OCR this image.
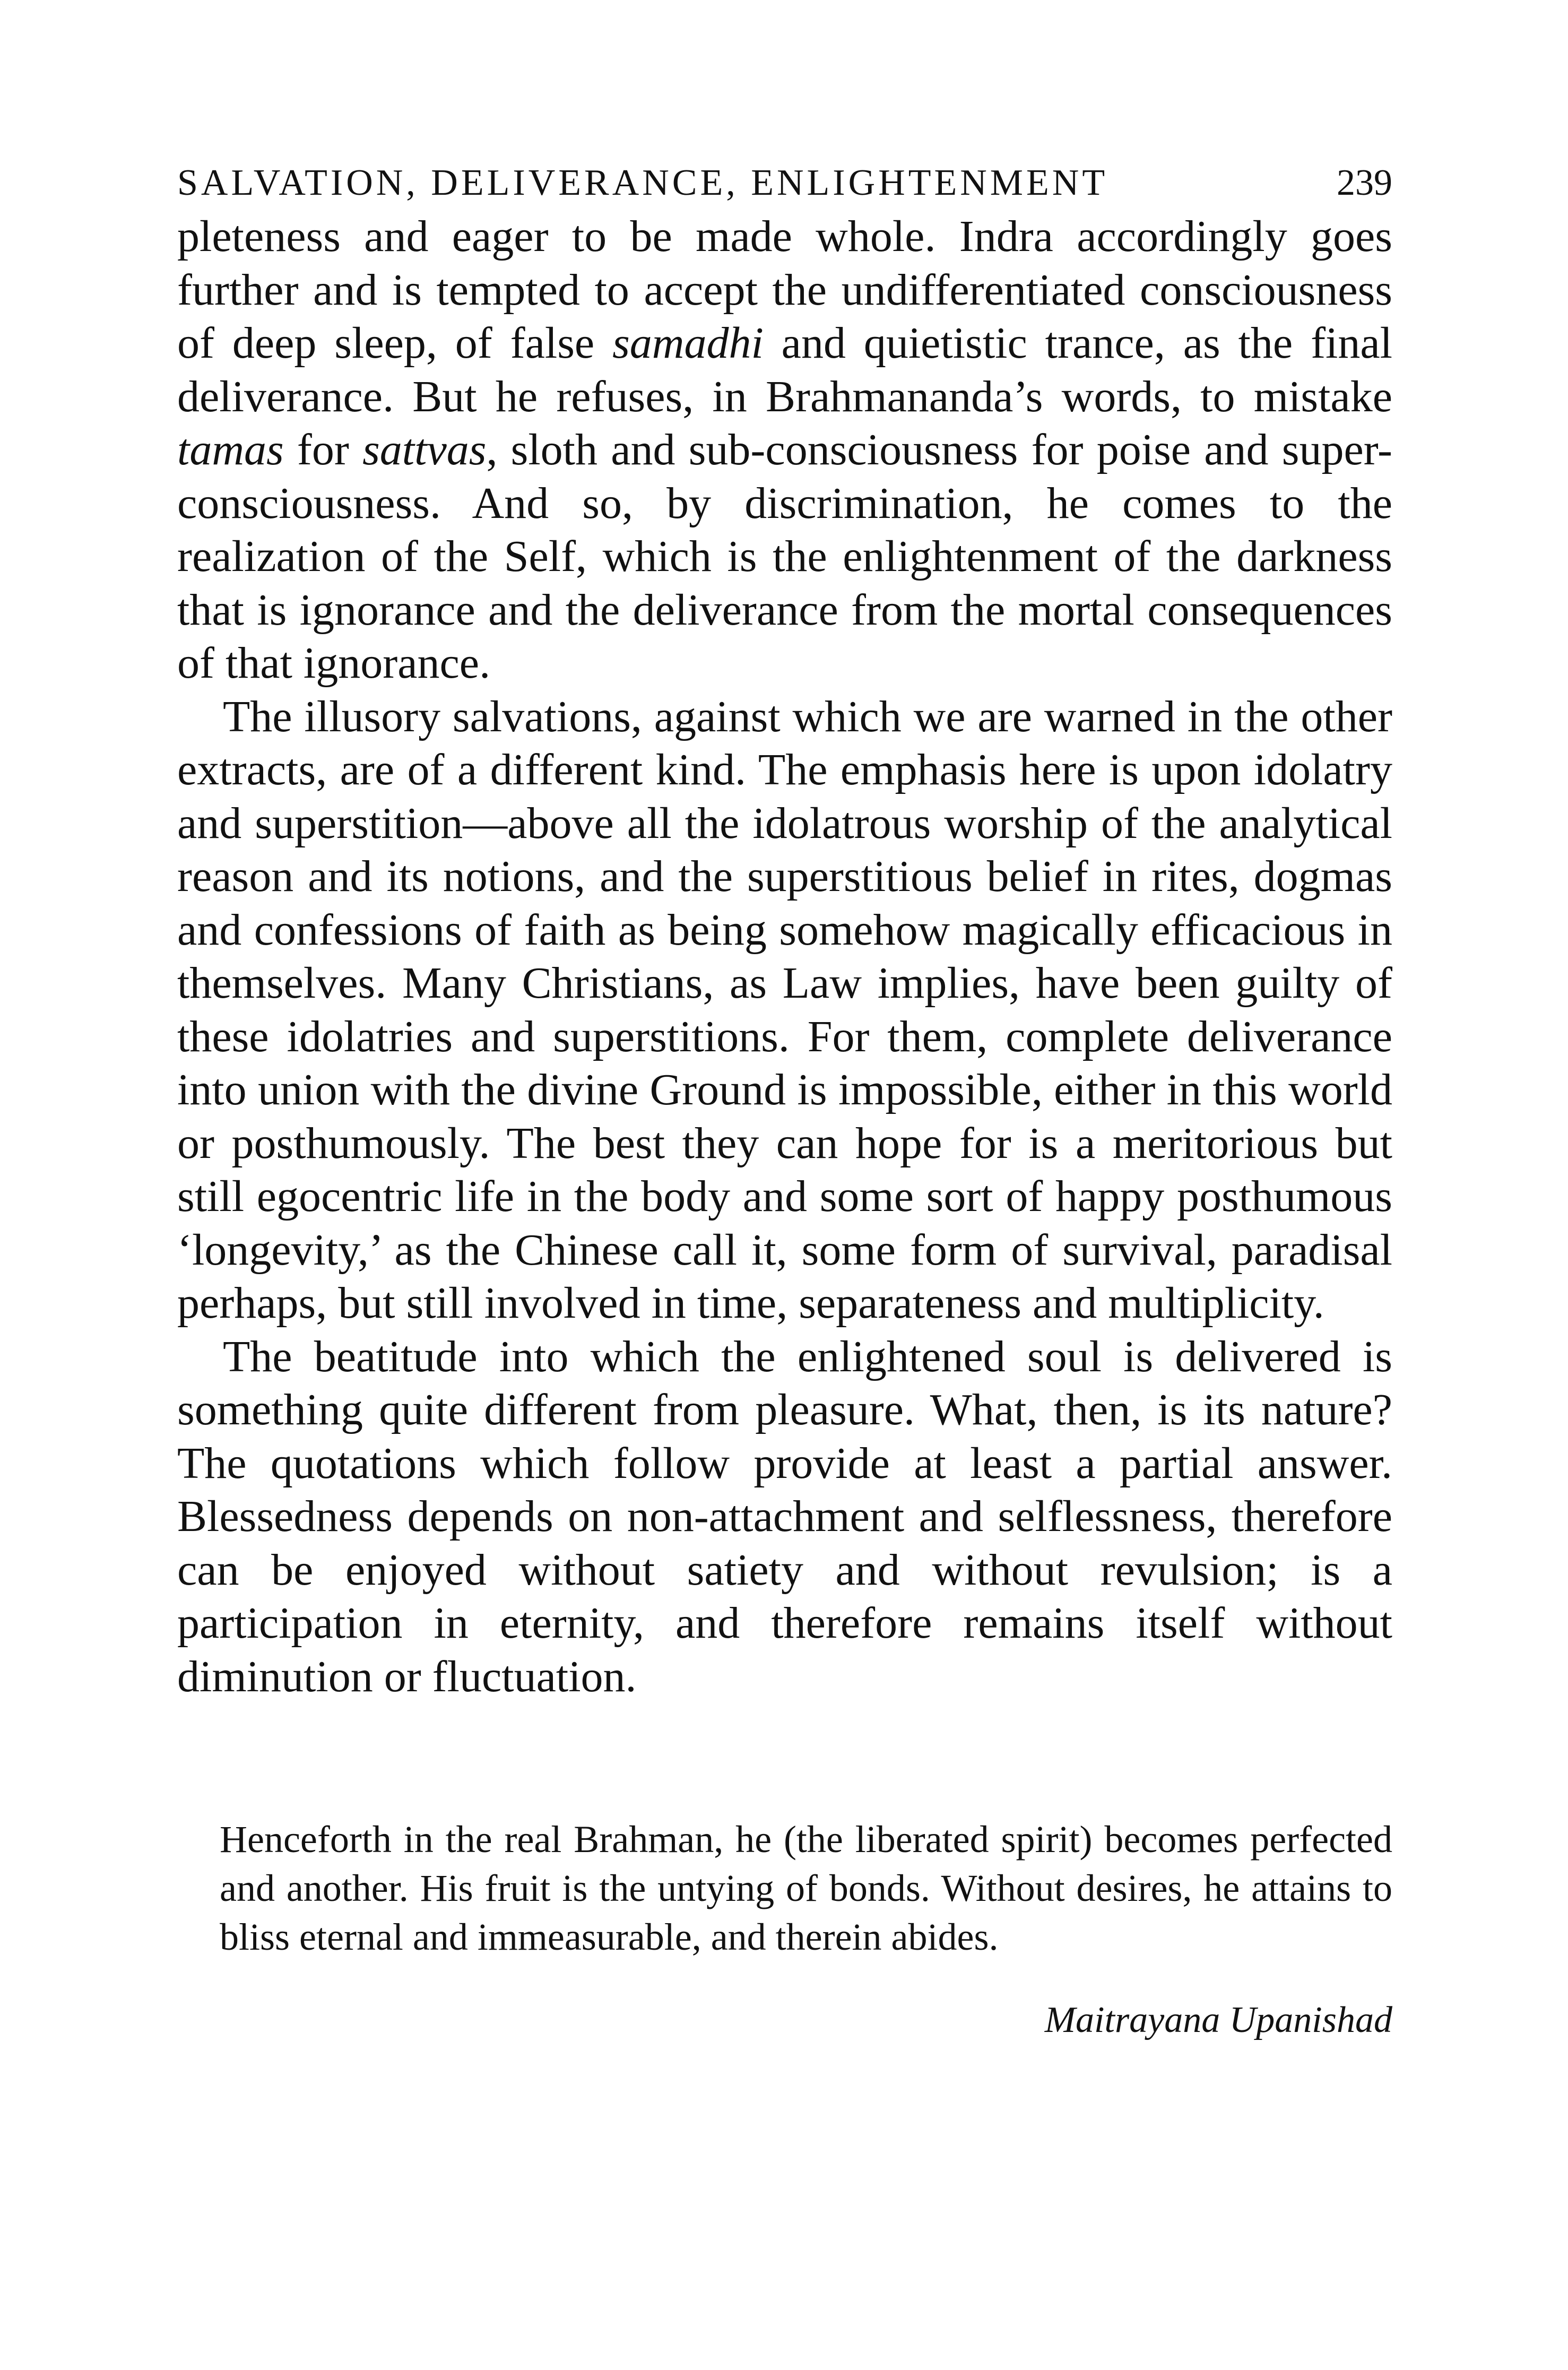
SALVATION, DELIVERANCE, ENLIGHTENMENT	239

pleteness and eager to be made whole. Indra accordingly goes further and is tempted to accept the undifferentiated consciousness of deep sleep, of false samadhi and quietistic trance, as the final deliverance. But he refuses, in Brahmananda’s words, to mistake tamas for sattvas, sloth and sub-consciousness for poise and super-consciousness. And so, by discrimination, he comes to the realization of the Self, which is the enlightenment of the darkness that is ignorance and the deliverance from the mortal consequences of that ignorance.

The illusory salvations, against which we are warned in the other extracts, are of a different kind. The emphasis here is upon idolatry and superstition—above all the idolatrous worship of the analytical reason and its notions, and the superstitious belief in rites, dogmas and confessions of faith as being somehow magically efficacious in themselves. Many Christians, as Law implies, have been guilty of these idolatries and superstitions. For them, complete deliverance into union with the divine Ground is impossible, either in this world or posthumously. The best they can hope for is a meritorious but still egocentric life in the body and some sort of happy posthumous ‘longevity,’ as the Chinese call it, some form of survival, paradisal perhaps, but still involved in time, separateness and multiplicity.

The beatitude into which the enlightened soul is delivered is something quite different from pleasure. What, then, is its nature? The quotations which follow provide at least a partial answer. Blessedness depends on non-attachment and selflessness, therefore can be enjoyed without satiety and without revulsion; is a participation in eternity, and therefore remains itself without diminution or fluctuation.

Henceforth in the real Brahman, he (the liberated spirit) becomes perfected and another. His fruit is the untying of bonds. Without desires, he attains to bliss eternal and immeasurable, and therein abides.

Maitrayana Upanishad
